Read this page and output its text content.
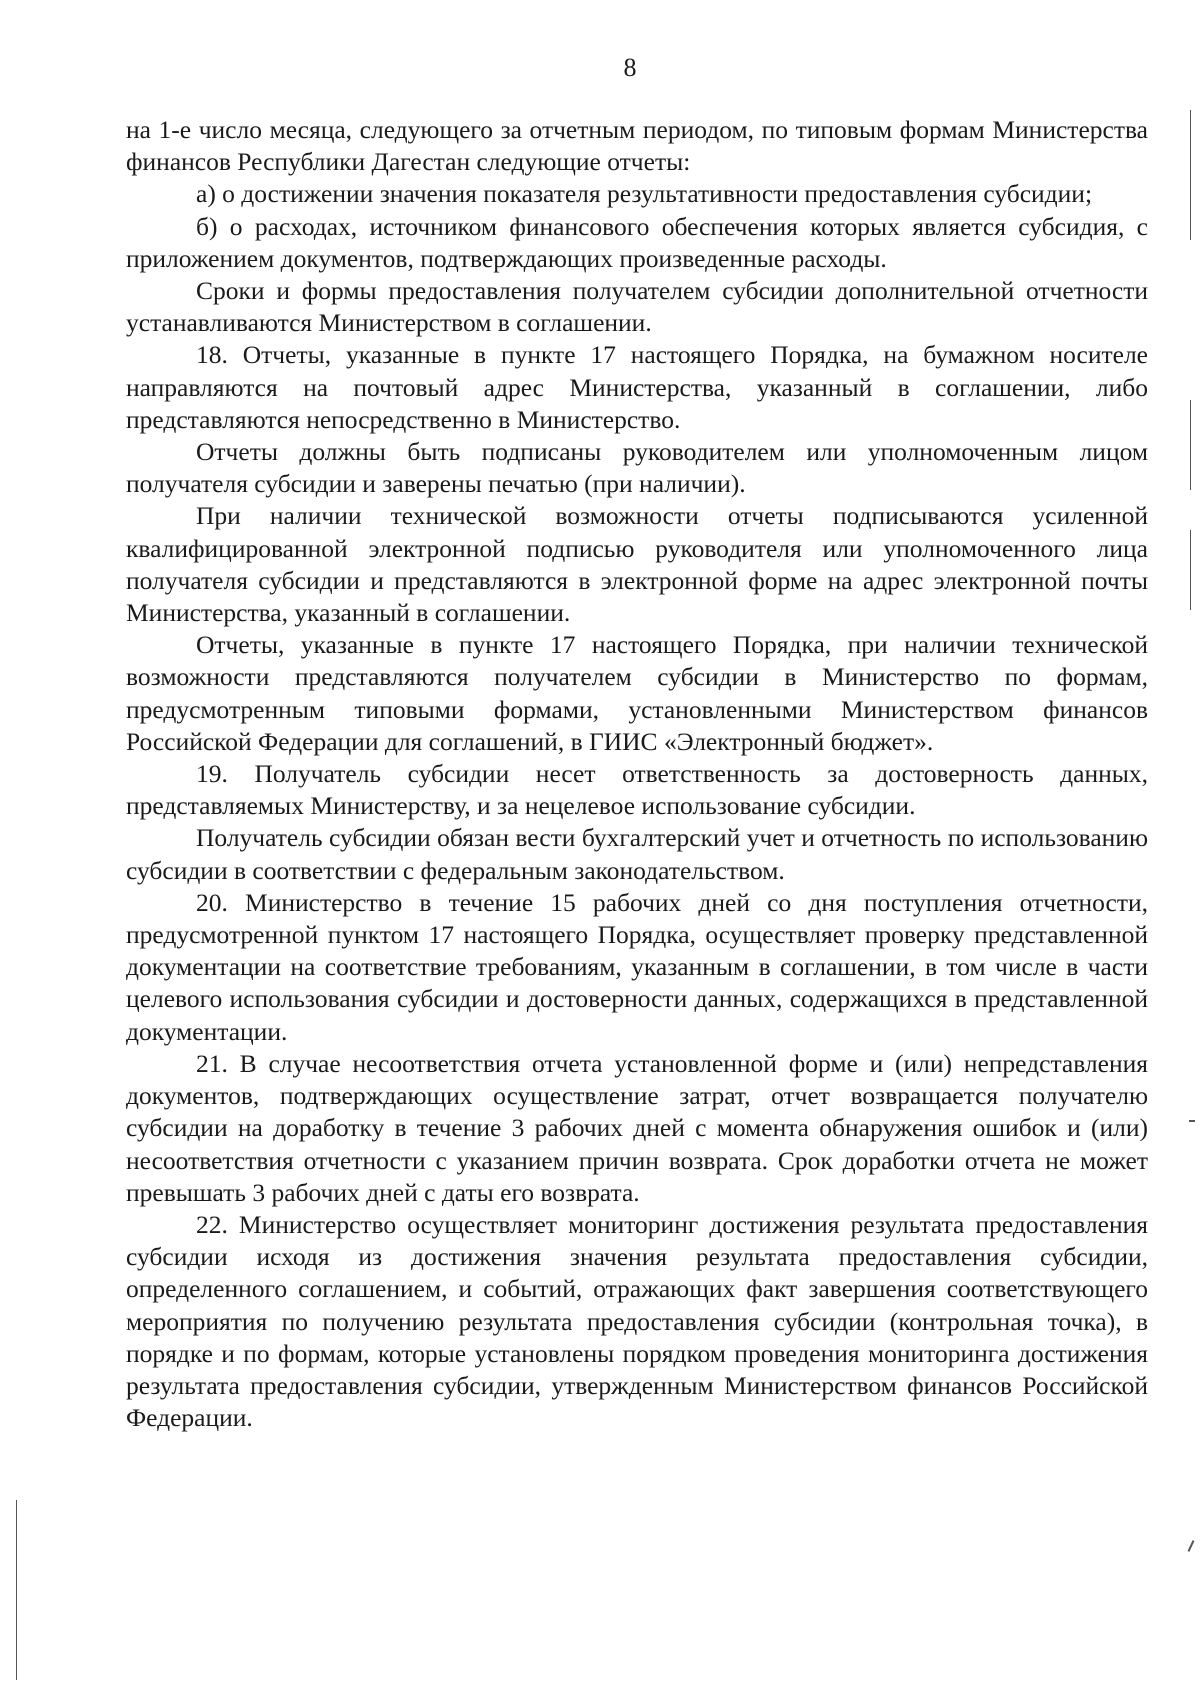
8

на 1-е число месяца, следующего за отчетным периодом, по типовым формам Министерства финансов Республики Дагестан следующие отчеты:

а) о достижении значения показателя результативности предоставления субсидии;

б) о расходах, источником финансового обеспечения которых является субсидия, с приложением документов, подтверждающих произведенные расходы.

Сроки и формы предоставления получателем субсидии дополнительной отчетности устанавливаются Министерством в соглашении.

18. Отчеты, указанные в пункте 17 настоящего Порядка, на бумажном носителе направляются на почтовый адрес Министерства, указанный в соглашении, либо представляются непосредственно в Министерство.

Отчеты должны быть подписаны руководителем или уполномоченным лицом получателя субсидии и заверены печатью (при наличии).

При наличии технической возможности отчеты подписываются усиленной квалифицированной электронной подписью руководителя или уполномоченного лица получателя субсидии и представляются в электронной форме на адрес электронной почты Министерства, указанный в соглашении.

Отчеты, указанные в пункте 17 настоящего Порядка, при наличии технической возможности представляются получателем субсидии в Министерство по формам, предусмотренным типовыми формами, установленными Министерством финансов Российской Федерации для соглашений, в ГИИС «Электронный бюджет».

19. Получатель субсидии несет ответственность за достоверность данных, представляемых Министерству, и за нецелевое использование субсидии.

Получатель субсидии обязан вести бухгалтерский учет и отчетность по использованию субсидии в соответствии с федеральным законодательством.

20. Министерство в течение 15 рабочих дней со дня поступления отчетности, предусмотренной пунктом 17 настоящего Порядка, осуществляет проверку представленной документации на соответствие требованиям, указанным в соглашении, в том числе в части целевого использования субсидии и достоверности данных, содержащихся в представленной документации.

21. В случае несоответствия отчета установленной форме и (или) непредставления документов, подтверждающих осуществление затрат, отчет возвращается получателю субсидии на доработку в течение 3 рабочих дней с момента обнаружения ошибок и (или) несоответствия отчетности с указанием причин возврата. Срок доработки отчета не может превышать 3 рабочих дней с даты его возврата.

22. Министерство осуществляет мониторинг достижения результата предоставления субсидии исходя из достижения значения результата предоставления субсидии, определенного соглашением, и событий, отражающих факт завершения соответствующего мероприятия по получению результата предоставления субсидии (контрольная точка), в порядке и по формам, которые установлены порядком проведения мониторинга достижения результата предоставления субсидии, утвержденным Министерством финансов Российской Федерации.
